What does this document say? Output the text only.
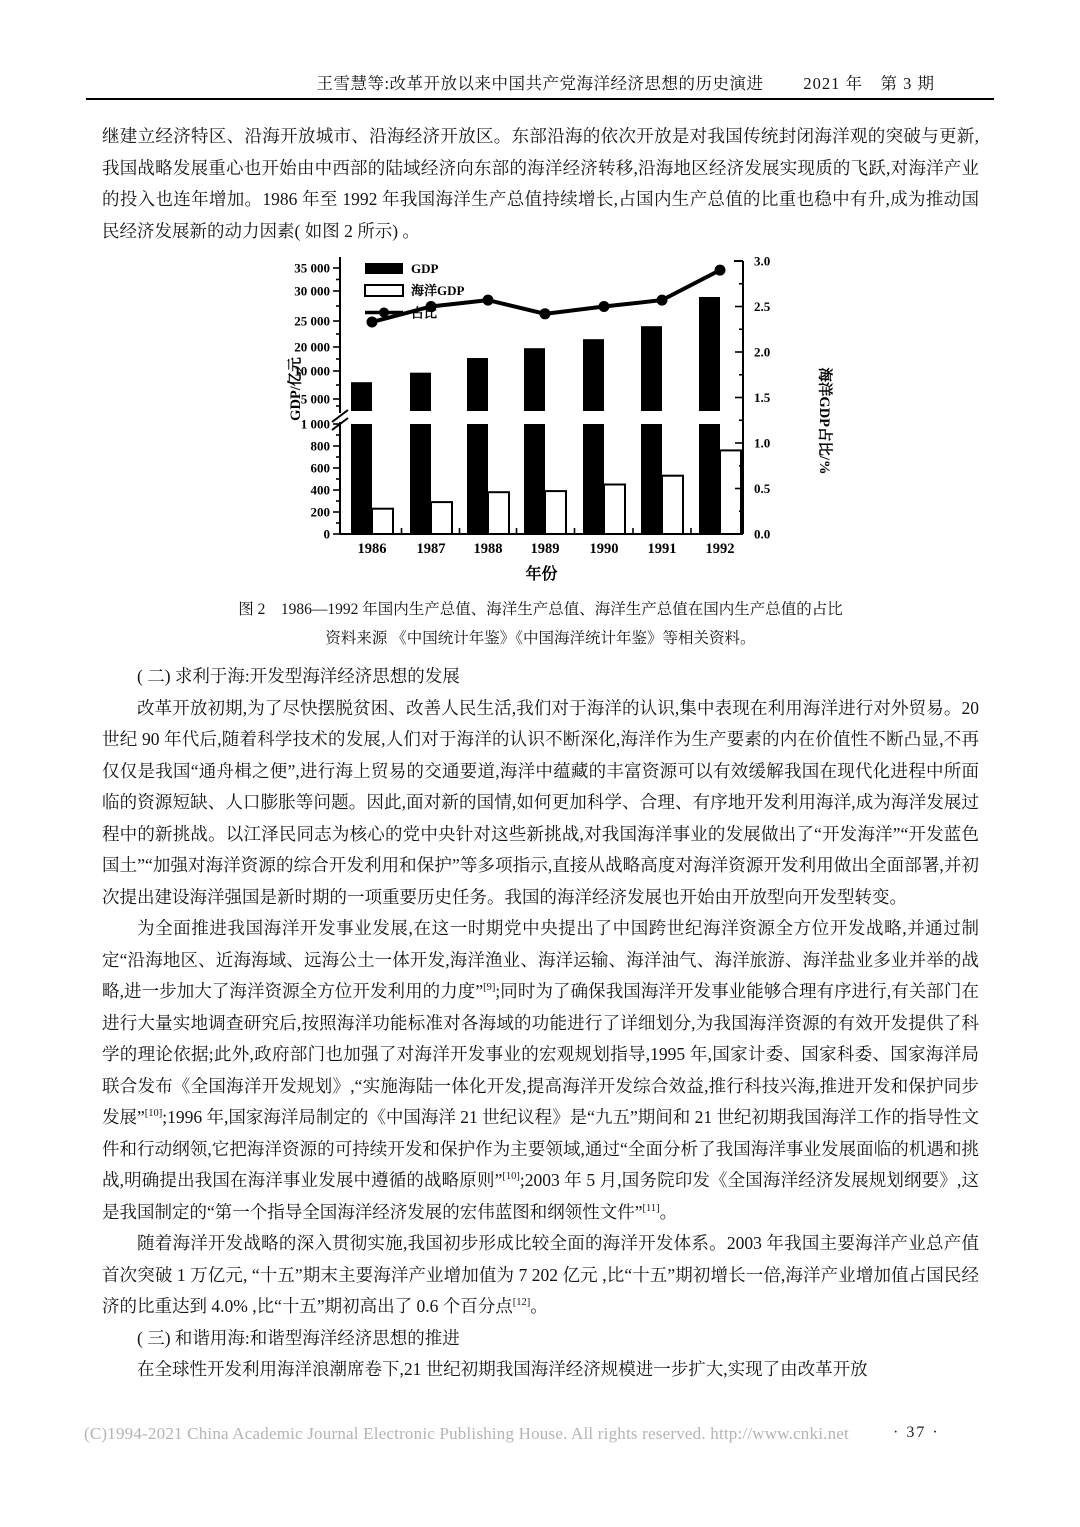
王雪慧等:改革开放以来中国共产党海洋经济思想的历史演进	2021 年　第 3 期

继建立经济特区、沿海开放城市、沿海经济开放区。东部沿海的依次开放是对我国传统封闭海洋观的突破与更新,我国战略发展重心也开始由中西部的陆域经济向东部的海洋经济转移,沿海地区经济发展实现质的飞跃,对海洋产业的投入也连年增加。1986 年至 1992 年我国海洋生产总值持续增长,占国内生产总值的比重也稳中有升,成为推动国民经济发展新的动力因素( 如图 2 所示) 。

35 000
30 000
25 000
20 000
10 000
5 000
1 000
800
600
400
200
0
3.0
2.5
2.0
1.5
1.0
0.5
0.0
1986 1987 1988 1989 1990 1991 1992
年份
GDP/亿元	海洋GDP占比/%
GDP
海洋GDP
占比
图 2　1986—1992 年国内生产总值、海洋生产总值、海洋生产总值在国内生产总值的占比
资料来源 《中国统计年鉴》《中国海洋统计年鉴》等相关资料。

( 二) 求利于海:开发型海洋经济思想的发展

改革开放初期,为了尽快摆脱贫困、改善人民生活,我们对于海洋的认识,集中表现在利用海洋进行对外贸易。20 世纪 90 年代后,随着科学技术的发展,人们对于海洋的认识不断深化,海洋作为生产要素的内在价值性不断凸显,不再仅仅是我国“通舟楫之便”,进行海上贸易的交通要道,海洋中蕴藏的丰富资源可以有效缓解我国在现代化进程中所面临的资源短缺、人口膨胀等问题。因此,面对新的国情,如何更加科学、合理、有序地开发利用海洋,成为海洋发展过程中的新挑战。以江泽民同志为核心的党中央针对这些新挑战,对我国海洋事业的发展做出了“开发海洋”“开发蓝色国土”“加强对海洋资源的综合开发利用和保护”等多项指示,直接从战略高度对海洋资源开发利用做出全面部署,并初次提出建设海洋强国是新时期的一项重要历史任务。我国的海洋经济发展也开始由开放型向开发型转变。

为全面推进我国海洋开发事业发展,在这一时期党中央提出了中国跨世纪海洋资源全方位开发战略,并通过制定“沿海地区、近海海域、远海公土一体开发,海洋渔业、海洋运输、海洋油气、海洋旅游、海洋盐业多业并举的战略,进一步加大了海洋资源全方位开发利用的力度”[9];同时为了确保我国海洋开发事业能够合理有序进行,有关部门在进行大量实地调查研究后,按照海洋功能标准对各海域的功能进行了详细划分,为我国海洋资源的有效开发提供了科学的理论依据;此外,政府部门也加强了对海洋开发事业的宏观规划指导,1995 年,国家计委、国家科委、国家海洋局联合发布《全国海洋开发规划》,“实施海陆一体化开发,提高海洋开发综合效益,推行科技兴海,推进开发和保护同步发展”[10];1996 年,国家海洋局制定的《中国海洋 21 世纪议程》是“九五”期间和 21 世纪初期我国海洋工作的指导性文件和行动纲领,它把海洋资源的可持续开发和保护作为主要领域,通过“全面分析了我国海洋事业发展面临的机遇和挑战,明确提出我国在海洋事业发展中遵循的战略原则”[10];2003 年 5 月,国务院印发《全国海洋经济发展规划纲要》,这是我国制定的“第一个指导全国海洋经济发展的宏伟蓝图和纲领性文件”[11]。

随着海洋开发战略的深入贯彻实施,我国初步形成比较全面的海洋开发体系。2003 年我国主要海洋产业总产值首次突破 1 万亿元, “十五”期末主要海洋产业增加值为 7 202 亿元 ,比“十五”期初增长一倍,海洋产业增加值占国民经济的比重达到 4.0% ,比“十五”期初高出了 0.6 个百分点[12]。

( 三) 和谐用海:和谐型海洋经济思想的推进

在全球性开发利用海洋浪潮席卷下,21 世纪初期我国海洋经济规模进一步扩大,实现了由改革开放

(C)1994-2021 China Academic Journal Electronic Publishing House. All rights reserved. http://www.cnki.net	· 37 ·
